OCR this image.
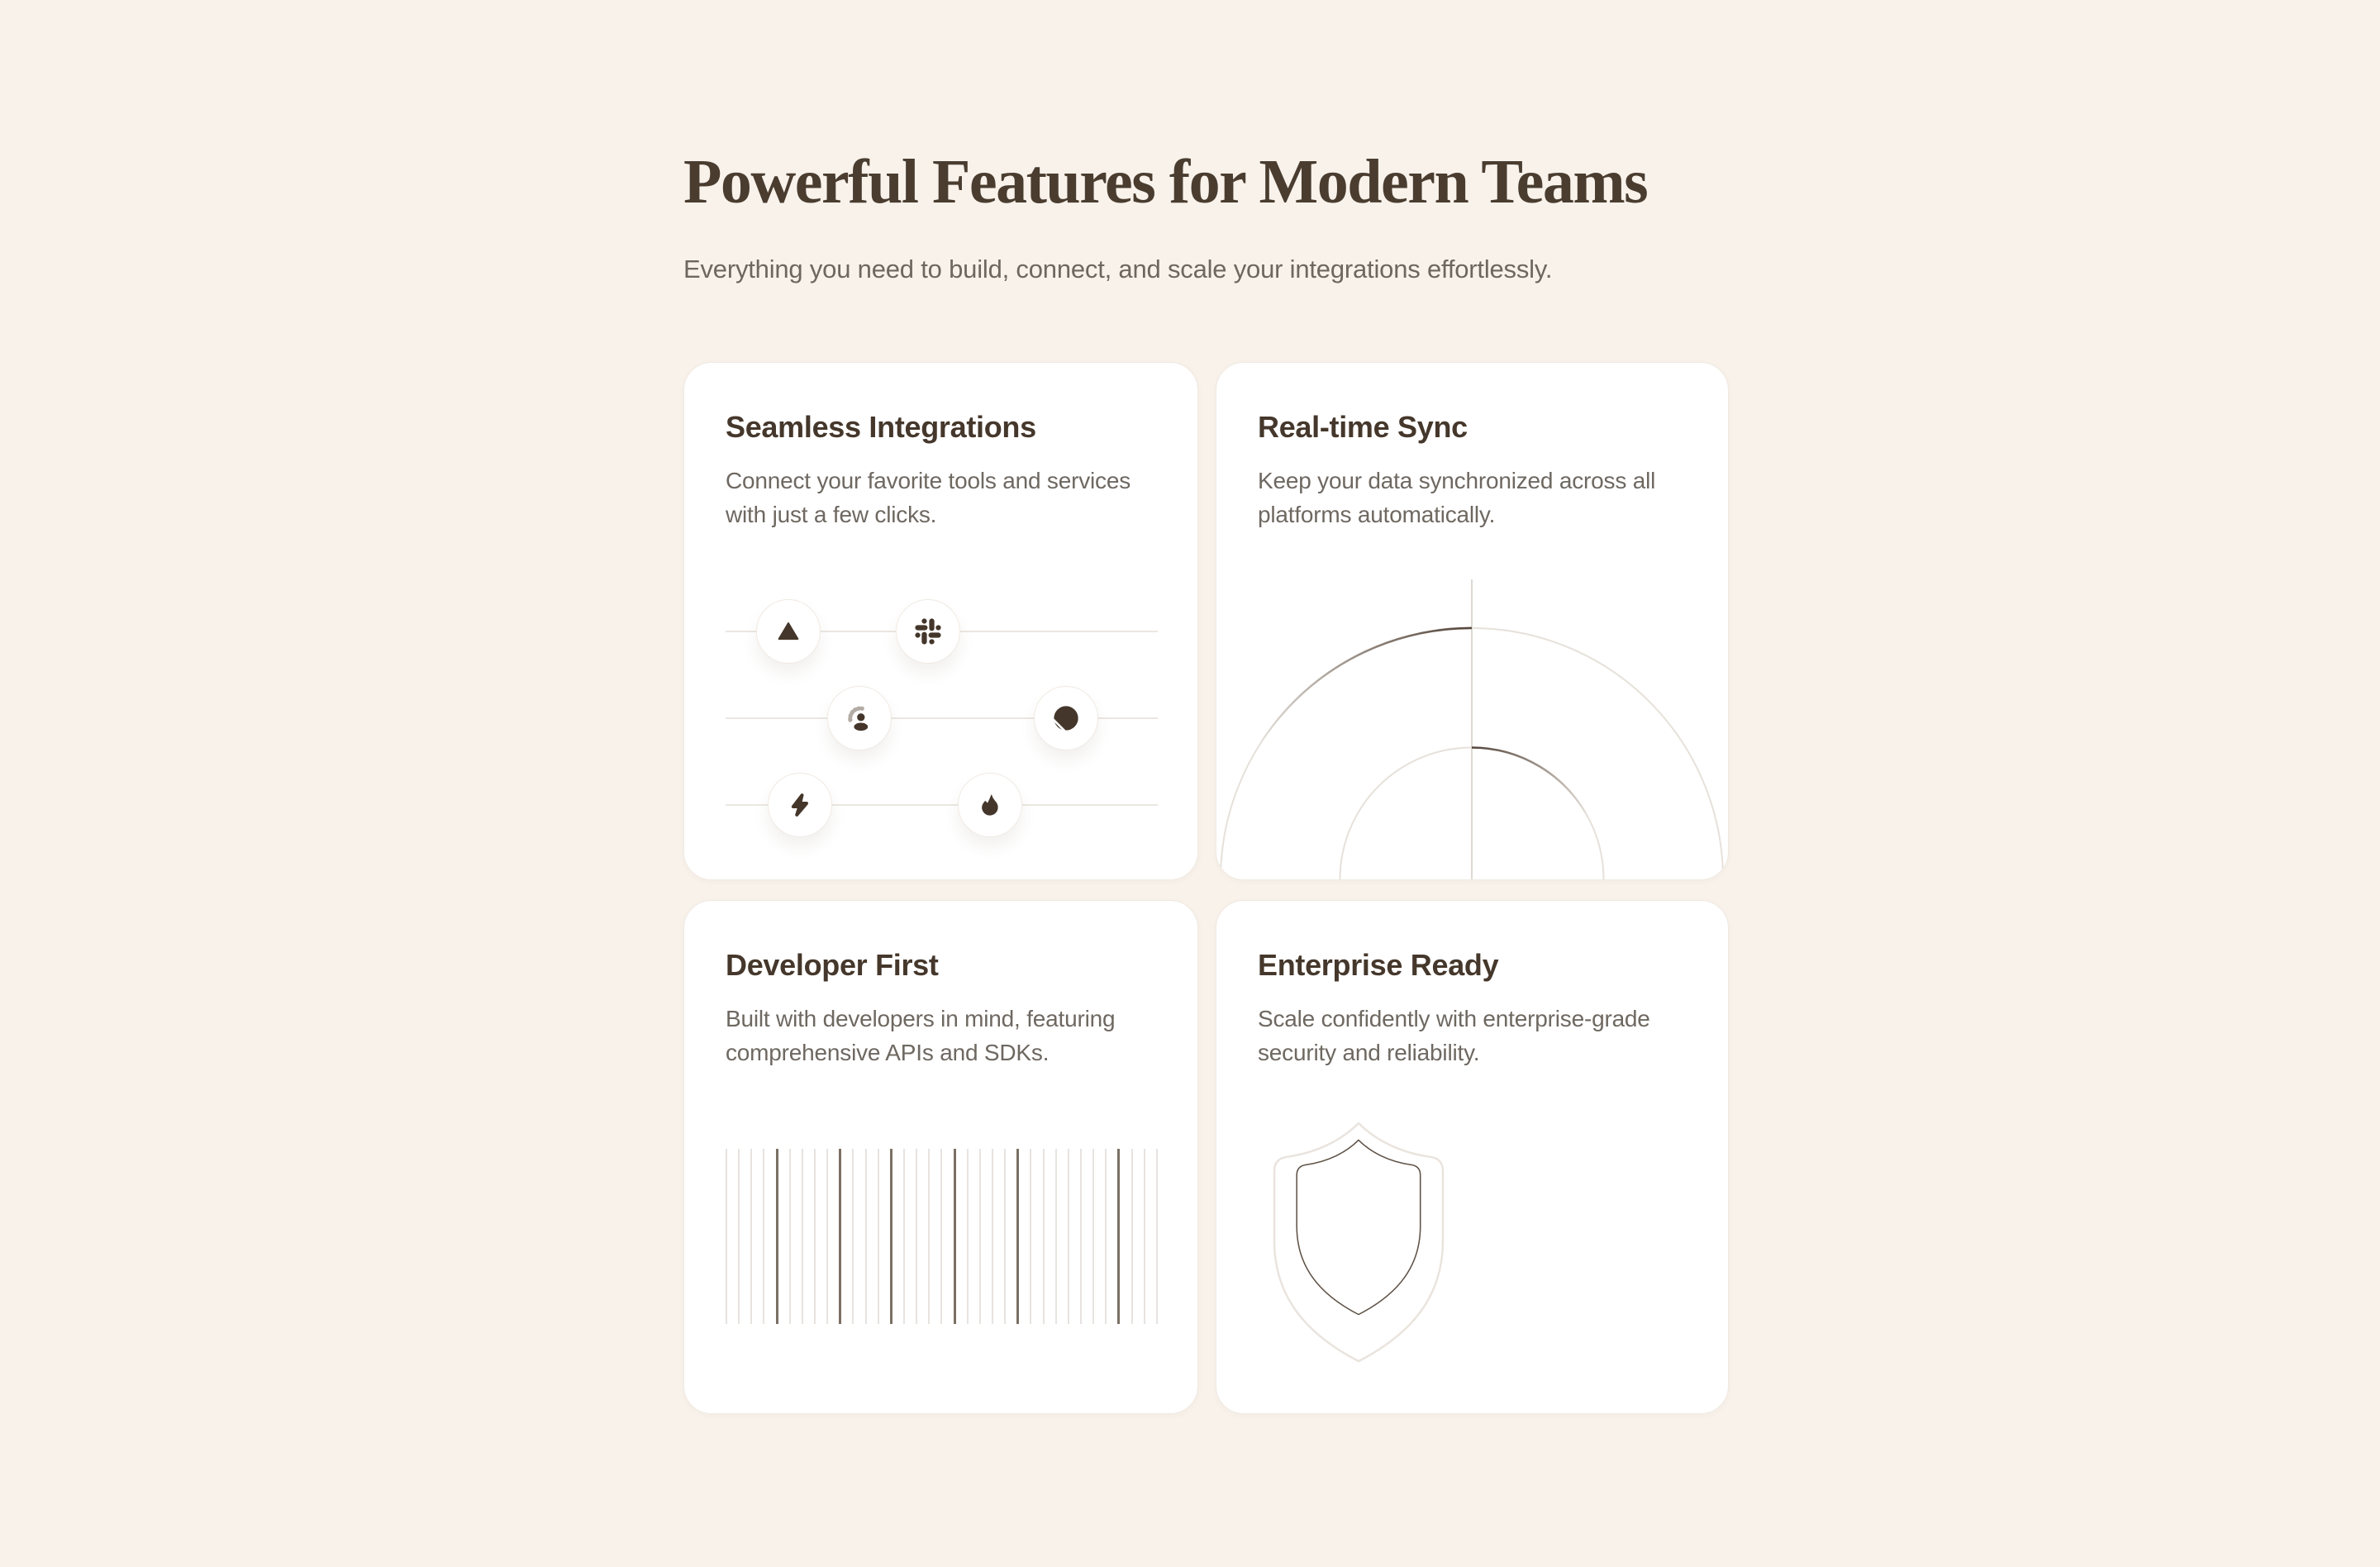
Powerful Features for Modern Teams

Everything you need to build, connect, and scale your integrations effortlessly.

Seamless Integrations

Connect your favorite tools and services with just a few clicks.

Real-time Sync

Keep your data synchronized across all platforms automatically.

Developer First

Built with developers in mind, featuring comprehensive APIs and SDKs.

Enterprise Ready

Scale confidently with enterprise-grade security and reliability.
